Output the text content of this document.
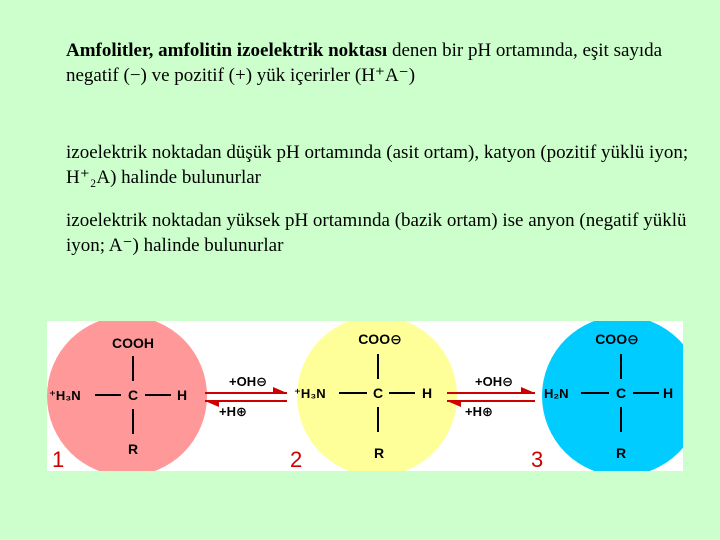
Amfolitler, amfolitin izoelektrik noktası denen bir pH ortamında, eşit sayıda negatif (−) ve pozitif (+) yük içerirler (H⁺A⁻)
izoelektrik noktadan düşük pH ortamında (asit ortam), katyon (pozitif yüklü iyon; H⁺₂A) halinde bulunurlar
izoelektrik noktadan yüksek pH ortamında (bazik ortam) ise anyon (negatif yüklü iyon; A⁻) halinde bulunurlar
COOH
⁺H₃N	C	H
R
1
+OH⊖
+H⊕
COO⊖
⁺H₃N	C	H
R
2
+OH⊖
+H⊕
COO⊖
H₂N	C	H
R
3
